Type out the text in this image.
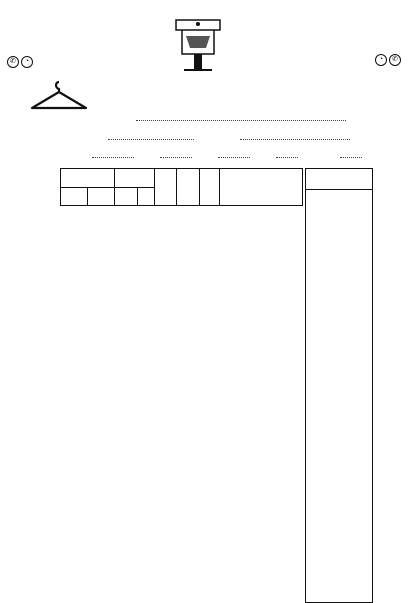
✆ ◔	✆◔
